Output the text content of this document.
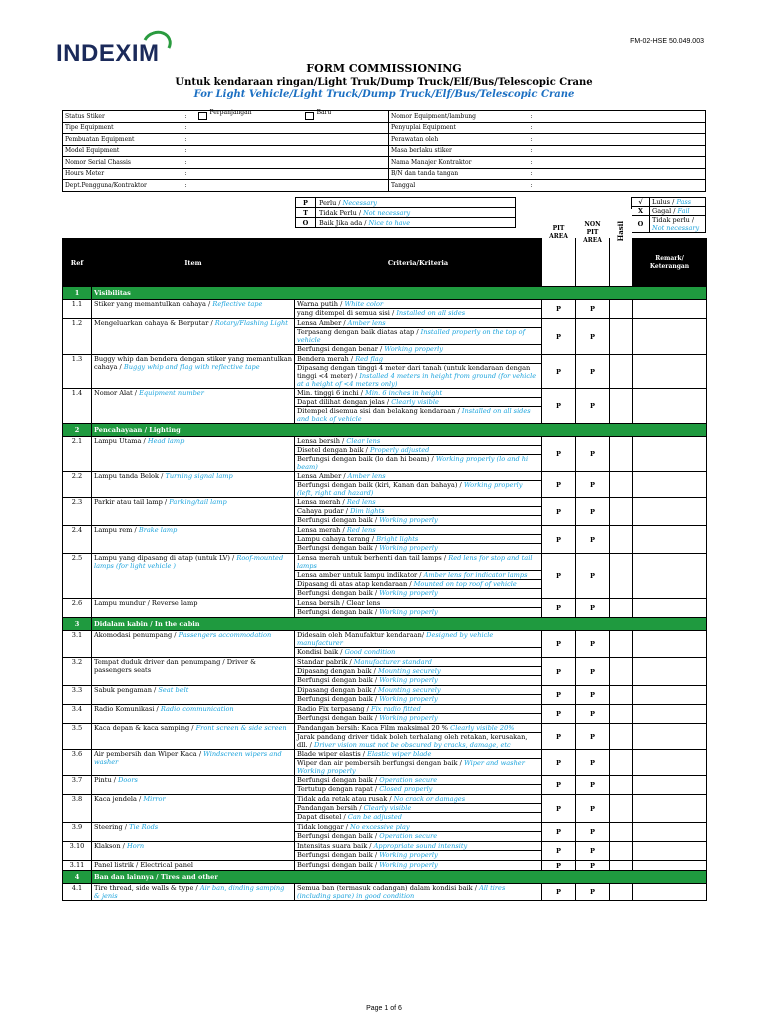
INDEXIM	FM-02-HSE 50.049.003
FORM COMMISSIONING
Untuk kendaraan ringan/Light Truk/Dump Truck/Elf/Bus/Telescopic Crane
For Light Vehicle/Light Truck/Dump Truck/Elf/Bus/Telescopic Crane
Status Stiker	:	Perpanjangan Baru	Nomor Equipment/lambung	:	
Tipe Equipment	:		Penyuplai Equipment	:	
Pembuatan Equipment	:		Perawatan oleh	:	
Model Equipment	:		Masa berlaku stiker	:	
Nomor Serial Chassis	:		Nama Manajer Kontraktor	:	
Hours Meter	:		B/N dan tanda tangan	:	
Dept.Pengguna/Kontraktor	:		Tanggal	:	
P	Perlu / Necessary
T	Tidak Perlu / Not necessary
O	Baik Jika ada / Nice to have
√	Lulus / Pass
X	Gagal / Fail
O	Tidak perlu / Not necessary
Ref	Item	Criteria/Kriteria	PIT AREA	NON PIT AREA	Hasil	Remark/ Keterangan
1	Visibilitas					
1.1	Stiker yang memantulkan cahaya / Reflective tape	Warna putih / White color
yang ditempel di semua sisi / Installed on all sides	P	P		
1.2	Mengeluarkan cahaya & Berputar / Rotary/Flashing Light	Lensa Amber / Amber lens
Terpasang dengan baik diatas atap / Installed properly on the top of vehicle
Berfungsi dengan benar / Working properly	P	P		
1.3	Buggy whip dan bendera dengan stiker yang memantulkan cahaya / Buggy whip and flag with reflective tape	Bendera merah / Red flag
Dipasang dengan tinggi 4 meter dari tanah (untuk kendaraan dengan tinggi <4 meter) / Installed 4 meters in height from ground (for vehicle at a height of <4 meters only)	P	P		
1.4	Nomor Alat / Equipment number	Min. tinggi 6 inchi / Min. 6 inches in height
Dapat dilihat dengan jelas / Clearly visible
Ditempel disemua sisi dan belakang kendaraan / Installed on all sides and back of vehicle	P	P		
2	Pencahayaan / Lighting					
2.1	Lampu Utama / Head lamp	Lensa bersih / Clear lens
Disetel dengan baik / Properly adjusted
Berfungsi dengan baik (lo dan hi beam) / Working properly (lo and hi beam)	P	P		
2.2	Lampu tanda Belok / Turning signal lamp	Lensa Amber / Amber lens
Berfungsi dengan baik (kiri, Kanan dan bahaya) / Working properly (left, right and hazard)	P	P		
2.3	Parkir atau tail lamp / Parking/tail lamp	Lensa merah / Red lens
Cahaya pudar / Dim lights
Berfungsi dengan baik / Working properly	P	P		
2.4	Lampu rem / Brake lamp	Lensa merah / Red lens
Lampu cahaya terang / Bright lights
Berfungsi dengan baik / Working properly	P	P		
2.5	Lampu yang dipasang di atap (untuk LV) / Roof-mounted lamps (for light vehicle )	Lensa merah untuk berhenti dan tail lamps / Red lens for stop and tail lamps
Lensa amber untuk lampu indikator / Amber lens for indicator lamps
Dipasang di atas atap kendaraan / Mounted on top roof of vehicle
Berfungsi dengan baik / Working properly	P	P		
2.6	Lampu mundur / Reverse lamp	Lensa bersih / Clear lens
Berfungsi dengan baik / Working properly	P	P		
3	Didalam kabin / In the cabin					
3.1	Akomodasi penumpang / Passengers accommodation	Didesain oleh Manufaktur kendaraan/ Designed by vehicle manufacturer
Kondisi baik / Good condition	P	P		
3.2	Tempat duduk driver dan penumpang / Driver & passengers seats	Standar pabrik / Manufacturer standard
Dipasang dengan baik / Mounting securely
Berfungsi dengan baik / Working properly	P	P		
3.3	Sabuk pengaman / Seat belt	Dipasang dengan baik / Mounting securely
Berfungsi dengan baik / Working properly	P	P		
3.4	Radio Komunikasi / Radio communication	Radio Fix terpasang / Fix radio fitted
Berfungsi dengan baik / Working properly	P	P		
3.5	Kaca depan & kaca samping / Front screen & side screen	Pandangan bersih: Kaca Film maksimal 20 % Clearly visible 20%
Jarak pandang driver tidak boleh terhalang oleh retakan, kerusakan, dll. / Driver vision must not be obscured by cracks, damage, etc	P	P		
3.6	Air pembersih dan Wiper Kaca / Windscreen wipers and washer	Blade wiper elastis / Elastic wiper blade
Wiper dan air pembersih berfungsi dengan baik / Wiper and washer Working properly	P	P		
3.7	Pintu / Doors	Berfungsi dengan baik / Operation secure
Tertutup dengan rapat / Closed properly	P	P		
3.8	Kaca jendela / Mirror	Tidak ada retak atau rusak / No crack or damages
Pandangan bersih / Clearly visible
Dapat disetel / Can be adjusted	P	P		
3.9	Steering / Tie Rods	Tidak longgar / No excessive play
Berfungsi dengan baik / Operation secure	P	P		
3.10	Klakson / Horn	Intensitas suara baik / Appropriate sound intensity
Berfungsi dengan baik / Working properly	P	P		
3.11	Panel listrik / Electrical panel	Berfungsi dengan baik / Working properly	P	P		
4	Ban dan lainnya / Tires and other					
4.1	Tire thread, side walls & type / Air ban, dinding samping & jenis	Semua ban (termasuk cadangan) dalam kondisi baik / All tires (including spare) in good condition	P	P		
Page 1 of 6
